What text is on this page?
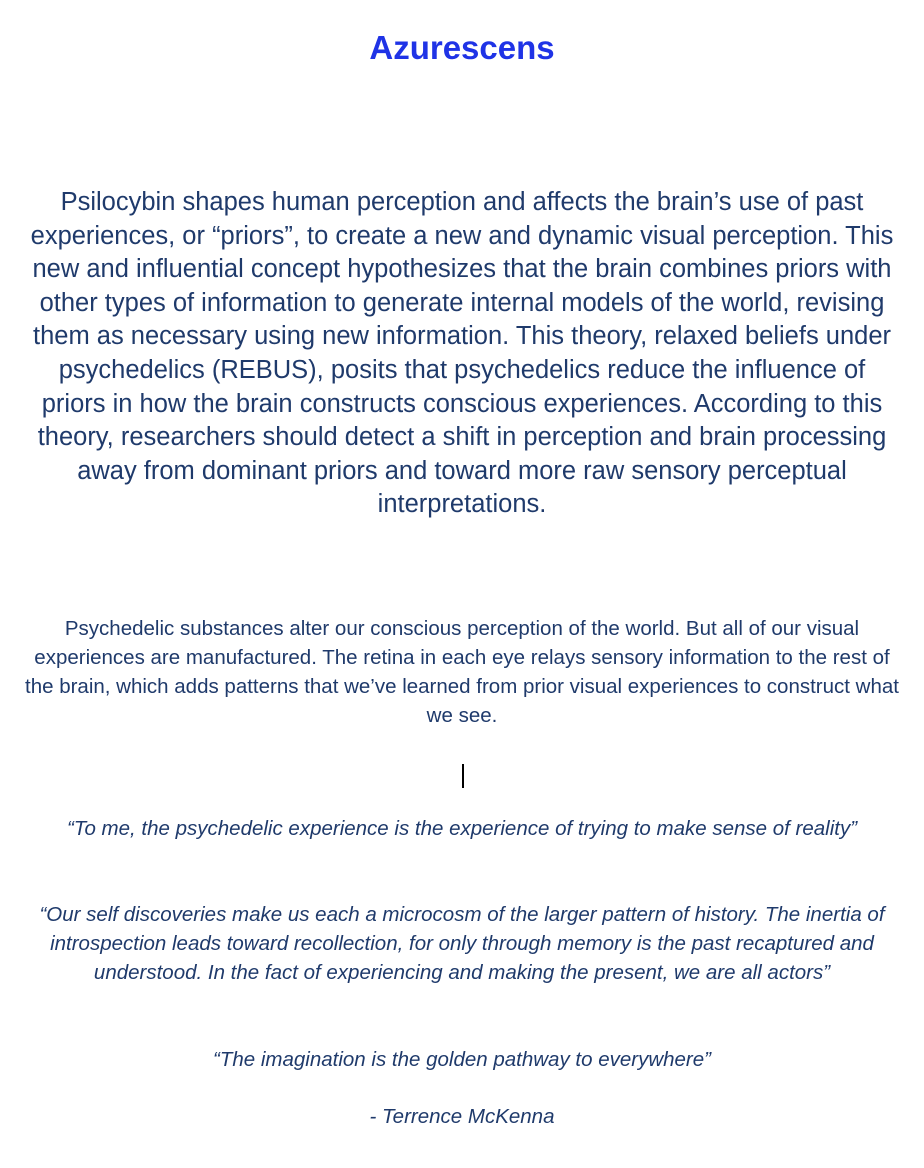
Azurescens

Psilocybin shapes human perception and affects the brain’s use of past experiences, or “priors”, to create a new and dynamic visual perception. This new and influential concept hypothesizes that the brain combines priors with other types of information to generate internal models of the world, revising them as necessary using new information. This theory, relaxed beliefs under psychedelics (REBUS), posits that psychedelics reduce the influence of priors in how the brain constructs conscious experiences. According to this theory, researchers should detect a shift in perception and brain processing away from dominant priors and toward more raw sensory perceptual interpretations.

Psychedelic substances alter our conscious perception of the world. But all of our visual experiences are manufactured. The retina in each eye relays sensory information to the rest of the brain, which adds patterns that we’ve learned from prior visual experiences to construct what we see.

“To me, the psychedelic experience is the experience of trying to make sense of reality”

“Our self discoveries make us each a microcosm of the larger pattern of history. The inertia of introspection leads toward recollection, for only through memory is the past recaptured and understood. In the fact of experiencing and making the present, we are all actors”

“The imagination is the golden pathway to everywhere”

- Terrence McKenna
